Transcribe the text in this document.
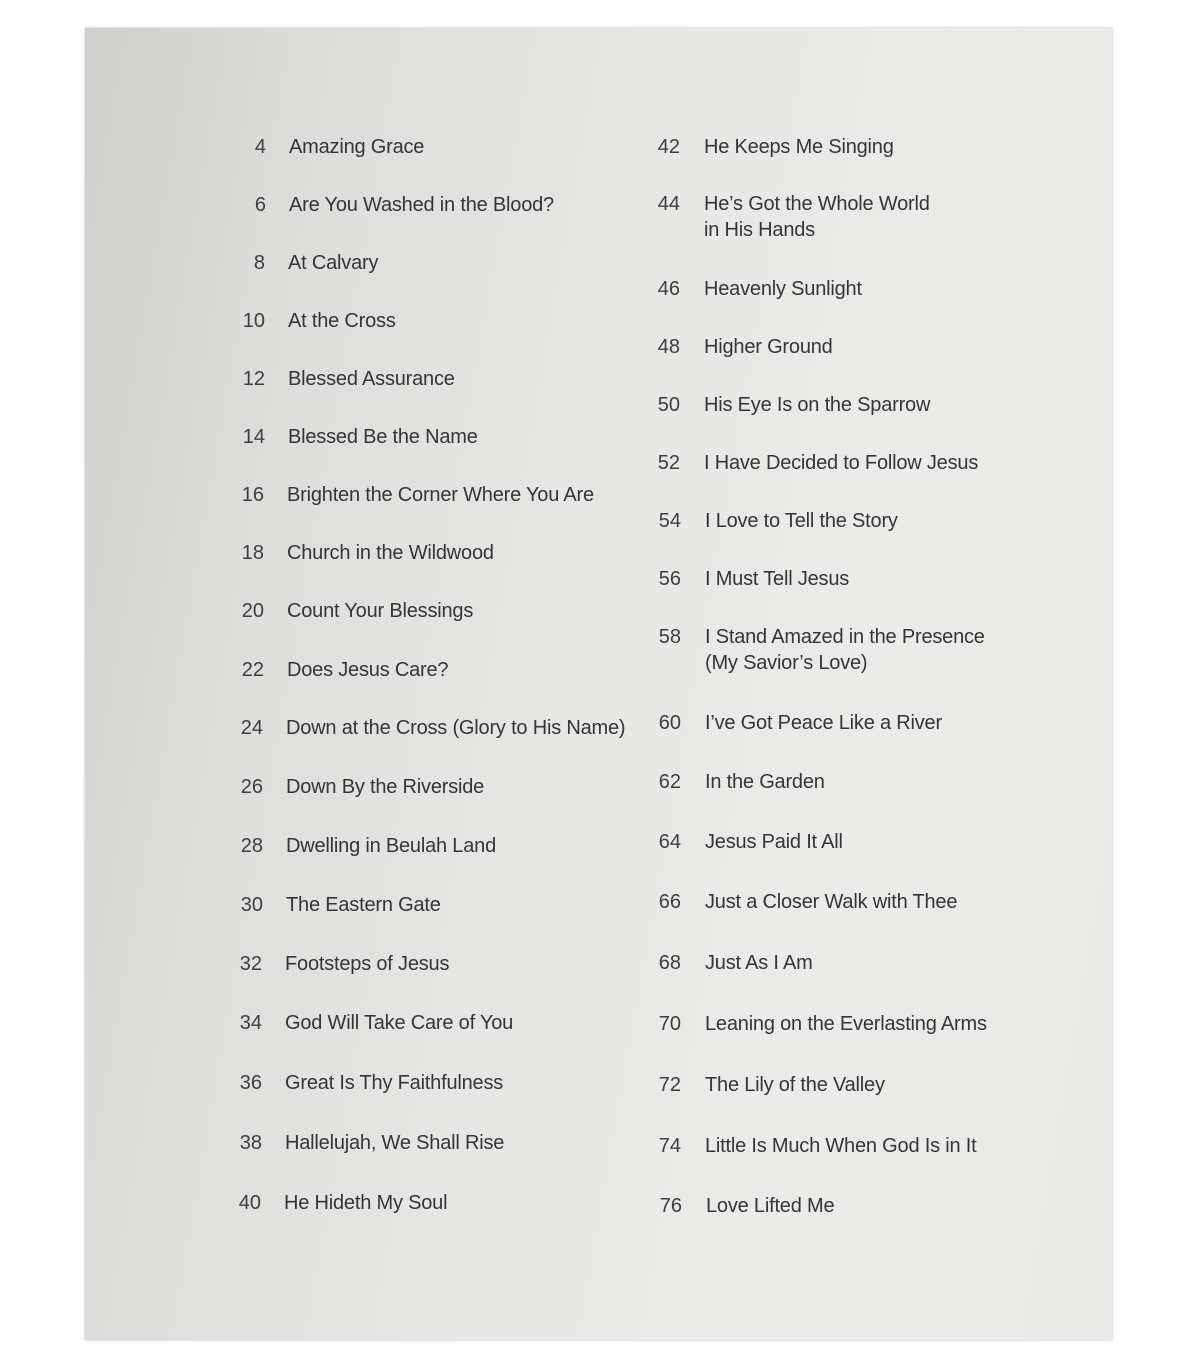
4 Amazing Grace
6 Are You Washed in the Blood?
8 At Calvary
10 At the Cross
12 Blessed Assurance
14 Blessed Be the Name
16 Brighten the Corner Where You Are
18 Church in the Wildwood
20 Count Your Blessings
22 Does Jesus Care?
24 Down at the Cross (Glory to His Name)
26 Down By the Riverside
28 Dwelling in Beulah Land
30 The Eastern Gate
32 Footsteps of Jesus
34 God Will Take Care of You
36 Great Is Thy Faithfulness
38 Hallelujah, We Shall Rise
40 He Hideth My Soul
42 He Keeps Me Singing
44 He’s Got the Whole World
in His Hands
46 Heavenly Sunlight
48 Higher Ground
50 His Eye Is on the Sparrow
52 I Have Decided to Follow Jesus
54 I Love to Tell the Story
56 I Must Tell Jesus
58 I Stand Amazed in the Presence
(My Savior’s Love)
60 I’ve Got Peace Like a River
62 In the Garden
64 Jesus Paid It All
66 Just a Closer Walk with Thee
68 Just As I Am
70 Leaning on the Everlasting Arms
72 The Lily of the Valley
74 Little Is Much When God Is in It
76 Love Lifted Me
